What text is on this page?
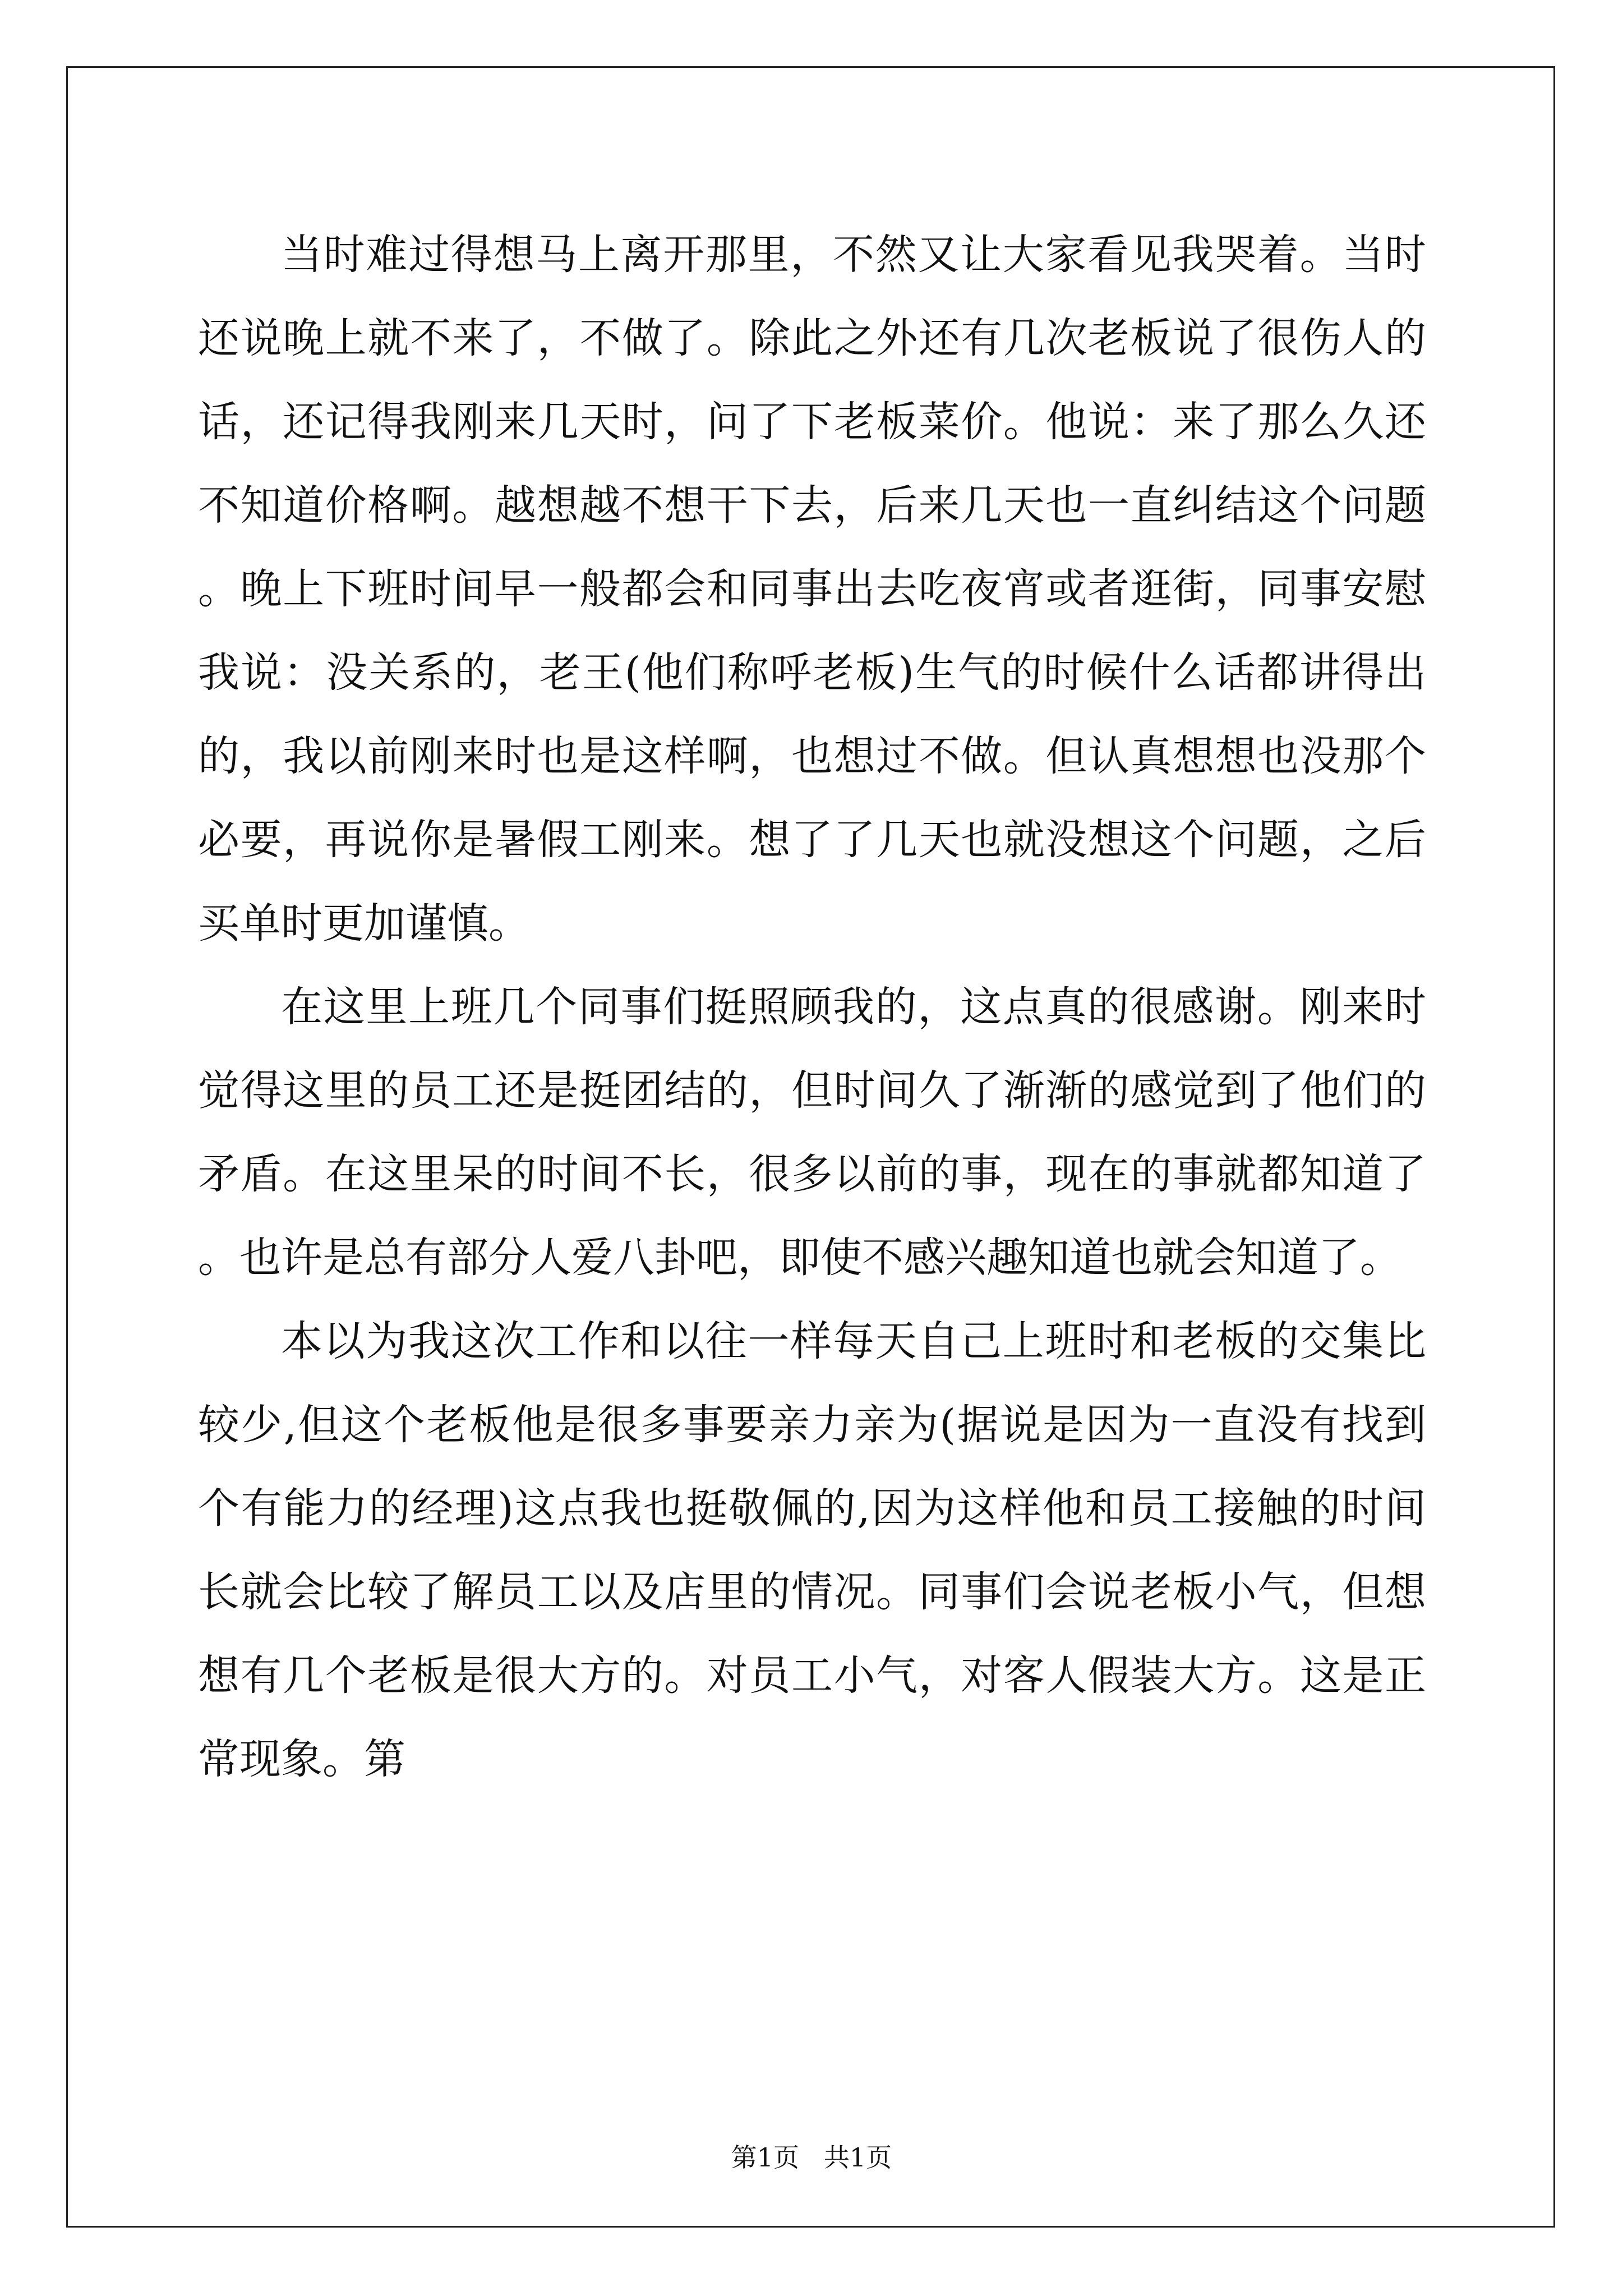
当时难过得想马上离开那里，不然又让大家看见我哭着。当时还说晚上就不来了，不做了。除此之外还有几次老板说了很伤人的话，还记得我刚来几天时，问了下老板菜价。他说：来了那么久还不知道价格啊。越想越不想干下去，后来几天也一直纠结这个问题。晚上下班时间早一般都会和同事出去吃夜宵或者逛街，同事安慰我说：没关系的，老王(他们称呼老板)生气的时候什么话都讲得出的，我以前刚来时也是这样啊，也想过不做。但认真想想也没那个必要，再说你是暑假工刚来。想了了几天也就没想这个问题，之后买单时更加谨慎。

在这里上班几个同事们挺照顾我的，这点真的很感谢。刚来时觉得这里的员工还是挺团结的，但时间久了渐渐的感觉到了他们的矛盾。在这里呆的时间不长，很多以前的事，现在的事就都知道了。也许是总有部分人爱八卦吧，即使不感兴趣知道也就会知道了。

本以为我这次工作和以往一样每天自己上班时和老板的交集比较少,但这个老板他是很多事要亲力亲为(据说是因为一直没有找到个有能力的经理)这点我也挺敬佩的,因为这样他和员工接触的时间长就会比较了解员工以及店里的情况。同事们会说老板小气，但想想有几个老板是很大方的。对员工小气，对客人假装大方。这是正常现象。第

第1页   共1页
